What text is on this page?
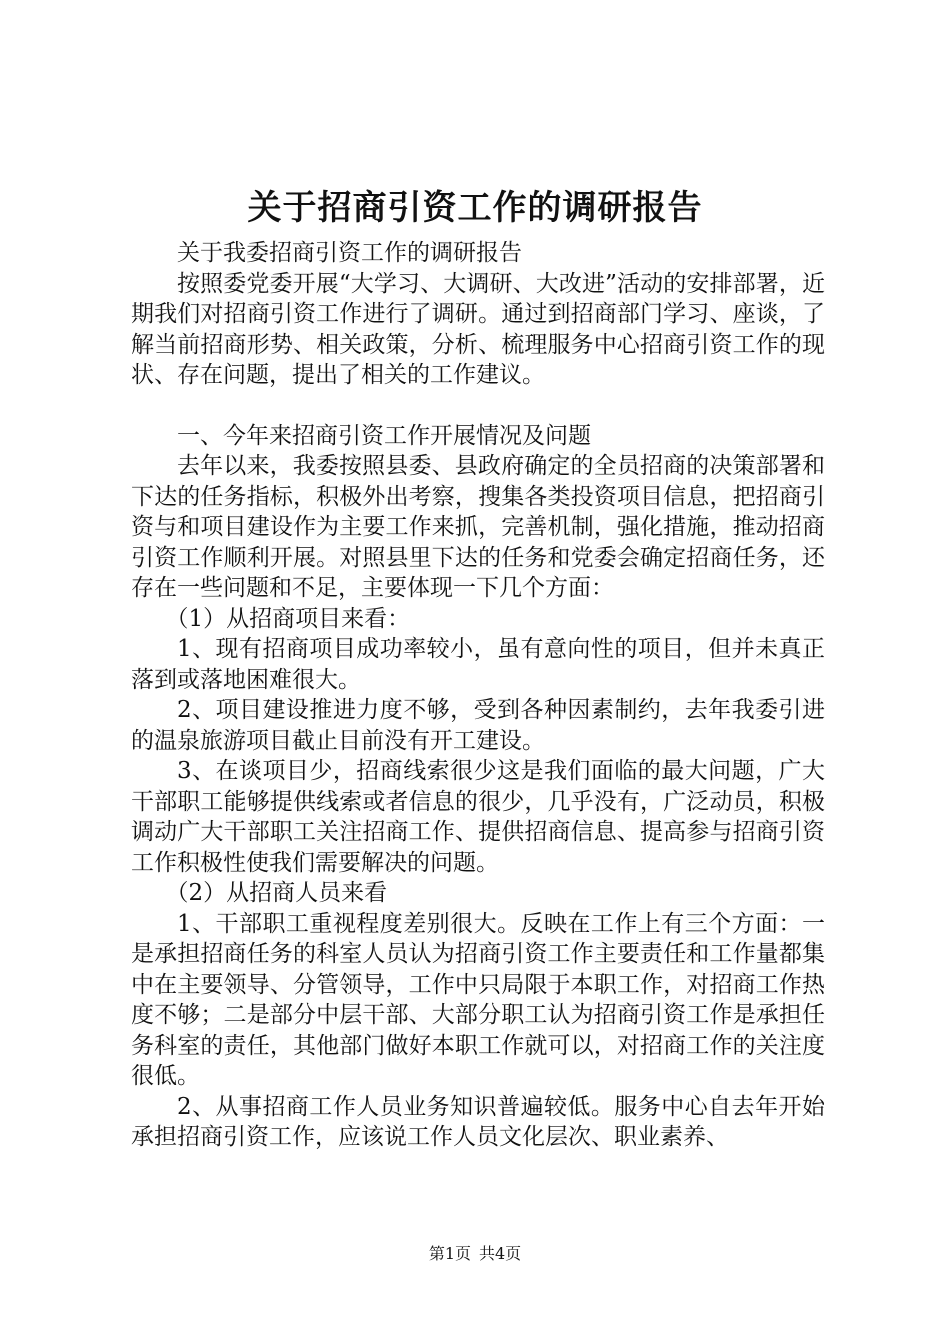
关于招商引资工作的调研报告

关于我委招商引资工作的调研报告

按照委党委开展“大学习、大调研、大改进”活动的安排部署，近期我们对招商引资工作进行了调研。通过到招商部门学习、座谈，了解当前招商形势、相关政策，分析、梳理服务中心招商引资工作的现状、存在问题，提出了相关的工作建议。

一、今年来招商引资工作开展情况及问题

去年以来，我委按照县委、县政府确定的全员招商的决策部署和下达的任务指标，积极外出考察，搜集各类投资项目信息，把招商引资与和项目建设作为主要工作来抓，完善机制，强化措施，推动招商引资工作顺利开展。对照县里下达的任务和党委会确定招商任务，还存在一些问题和不足，主要体现一下几个方面：

（1）从招商项目来看：

1、现有招商项目成功率较小，虽有意向性的项目，但并未真正落到或落地困难很大。

2、项目建设推进力度不够，受到各种因素制约，去年我委引进的温泉旅游项目截止目前没有开工建设。

3、在谈项目少，招商线索很少这是我们面临的最大问题，广大干部职工能够提供线索或者信息的很少，几乎没有，广泛动员，积极调动广大干部职工关注招商工作、提供招商信息、提高参与招商引资工作积极性使我们需要解决的问题。

（2）从招商人员来看

1、干部职工重视程度差别很大。反映在工作上有三个方面：一是承担招商任务的科室人员认为招商引资工作主要责任和工作量都集中在主要领导、分管领导，工作中只局限于本职工作，对招商工作热度不够；二是部分中层干部、大部分职工认为招商引资工作是承担任务科室的责任，其他部门做好本职工作就可以，对招商工作的关注度很低。

2、从事招商工作人员业务知识普遍较低。服务中心自去年开始承担招商引资工作，应该说工作人员文化层次、职业素养、

第1页 共4页
